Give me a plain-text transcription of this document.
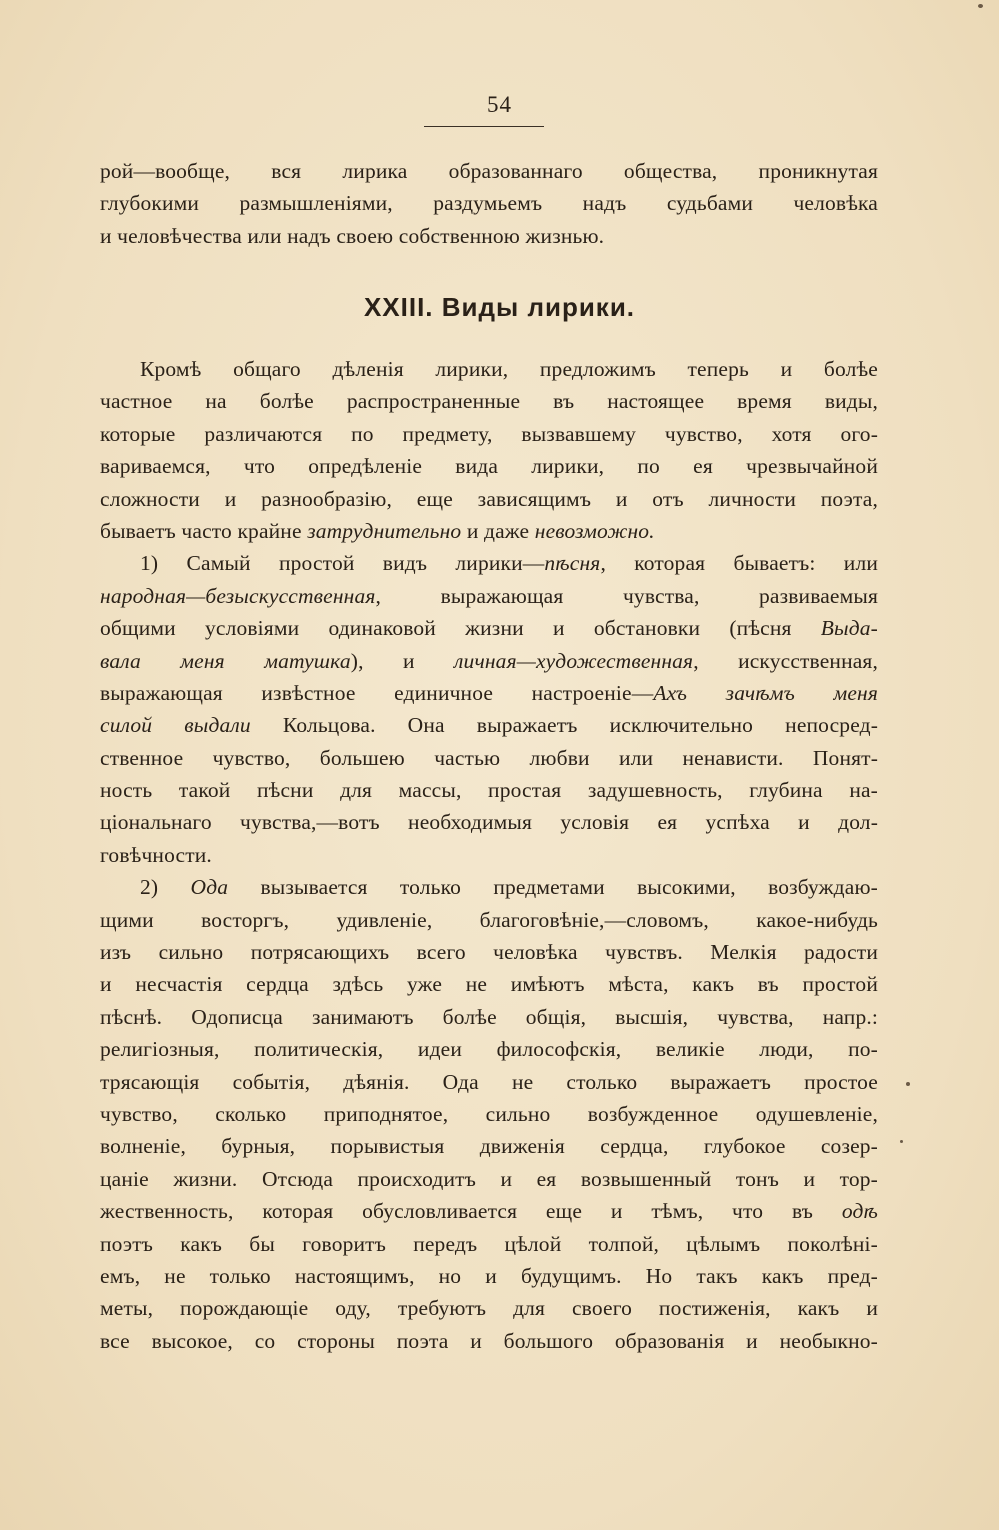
54
рой—вообще, вся лирика образованнаго общества, проникнутая
глубокими размышленіями, раздумьемъ надъ судьбами человѣка
и человѣчества или надъ своею собственною жизнью.
XXIII. Виды лирики.
Кромѣ общаго дѣленія лирики, предложимъ теперь и болѣе
частное на болѣе распространенные въ настоящее время виды,
которые различаются по предмету, вызвавшему чувство, хотя ого-
вариваемся, что опредѣленіе вида лирики, по ея чрезвычайной
сложности и разнообразію, еще зависящимъ и отъ личности поэта,
бываетъ часто крайне затруднительно и даже невозможно.
1) Самый простой видъ лирики—пѣсня, которая бываетъ: или
народная—безыскусственная, выражающая чувства, развиваемыя
общими условіями одинаковой жизни и обстановки (пѣсня Выда-
вала меня матушка), и личная—художественная, искусственная,
выражающая извѣстное единичное настроеніе—Ахъ зачѣмъ меня
силой выдали Кольцова. Она выражаетъ исключительно непосред-
ственное чувство, большею частью любви или ненависти. Понят-
ность такой пѣсни для массы, простая задушевность, глубина на-
ціональнаго чувства,—вотъ необходимыя условія ея успѣха и дол-
говѣчности.
2) Ода вызывается только предметами высокими, возбуждаю-
щими восторгъ, удивленіе, благоговѣніе,—словомъ, какое-нибудь
изъ сильно потрясающихъ всего человѣка чувствъ. Мелкія радости
и несчастія сердца здѣсь уже не имѣютъ мѣста, какъ въ простой
пѣснѣ. Одописца занимаютъ болѣе общія, высшія, чувства, напр.:
религіозныя, политическія, идеи философскія, великіе люди, по-
трясающія событія, дѣянія. Ода не столько выражаетъ простое
чувство, сколько приподнятое, сильно возбужденное одушевленіе,
волненіе, бурныя, порывистыя движенія сердца, глубокое созер-
цаніе жизни. Отсюда происходитъ и ея возвышенный тонъ и тор-
жественность, которая обусловливается еще и тѣмъ, что въ одѣ
поэтъ какъ бы говоритъ передъ цѣлой толпой, цѣлымъ поколѣні-
емъ, не только настоящимъ, но и будущимъ. Но такъ какъ пред-
меты, порождающіе оду, требуютъ для своего постиженія, какъ и
все высокое, со стороны поэта и большого образованія и необыкно-
